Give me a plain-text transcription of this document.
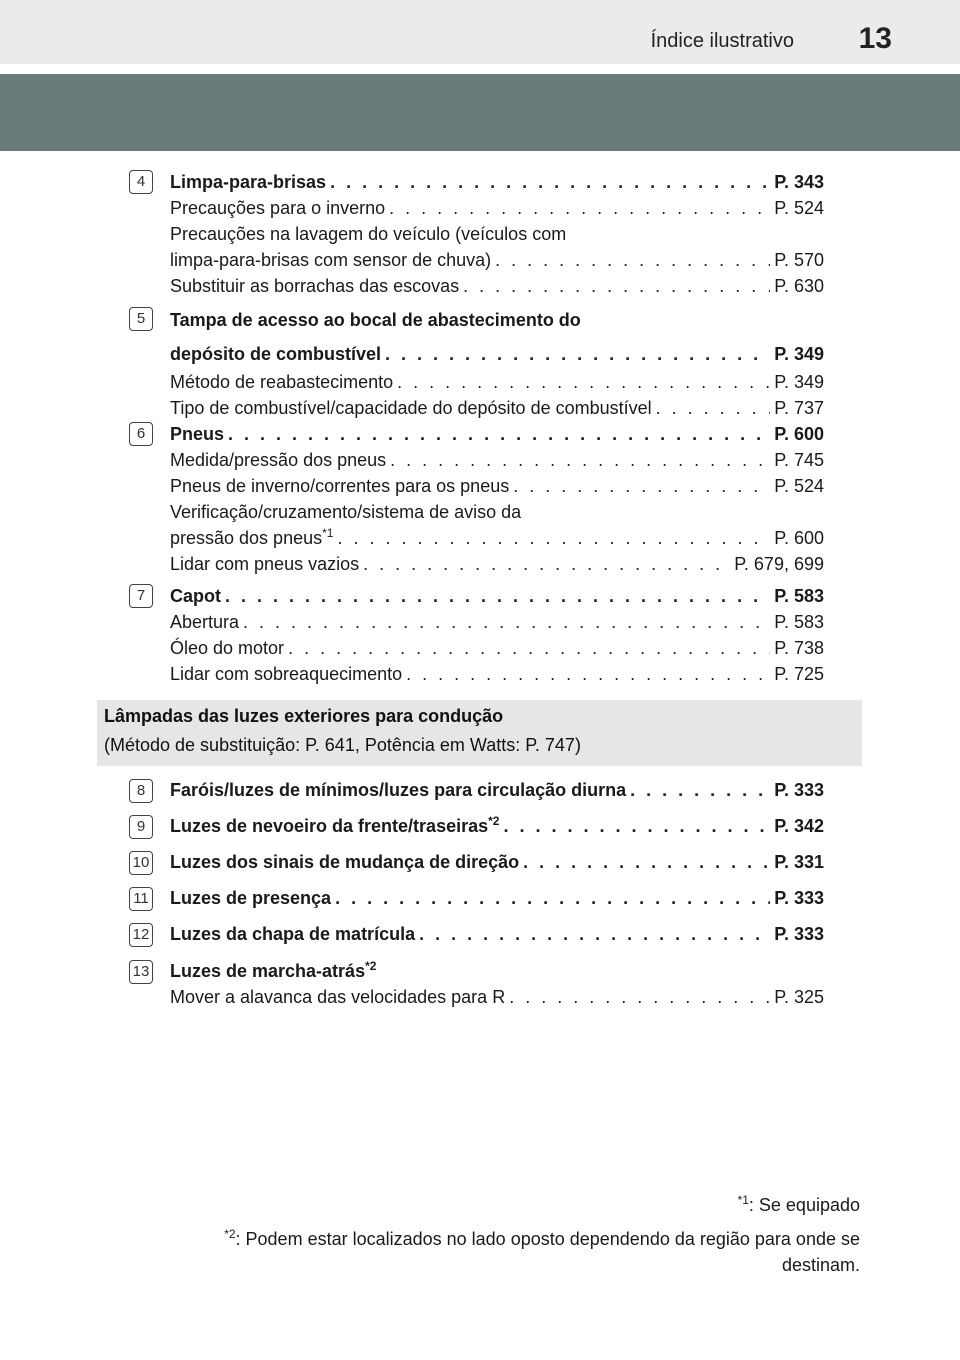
Índice ilustrativo 13
4	Limpa-para-brisas . . .	P. 343
Precauções para o inverno . . .	P. 524
Precauções na lavagem do veículo (veículos com
limpa-para-brisas com sensor de chuva) . . .	P. 570
Substituir as borrachas das escovas . . .	P. 630
5	Tampa de acesso ao bocal de abastecimento do
depósito de combustível . . .	P. 349
Método de reabastecimento . . .	P. 349
Tipo de combustível/capacidade do depósito de combustível . . .	P. 737
6	Pneus . . .	P. 600
Medida/pressão dos pneus . . .	P. 745
Pneus de inverno/correntes para os pneus . . .	P. 524
Verificação/cruzamento/sistema de aviso da
pressão dos pneus$^{*1}$ . . .	P. 600
Lidar com pneus vazios . . .	P. 679, 699
7	Capot . . .	P. 583
Abertura . . .	P. 583
Óleo do motor . . .	P. 738
Lidar com sobreaquecimento . . .	P. 725
Lâmpadas das luzes exteriores para condução
(Método de substituição: P. 641, Potência em Watts: P. 747)
8	Faróis/luzes de mínimos/luzes para circulação diurna . . .	P. 333
9	Luzes de nevoeiro da frente/traseiras$^{*2}$ . . .	P. 342
10 Luzes dos sinais de mudança de direção . . .	P. 331
11 Luzes de presença . . .	P. 333
12 Luzes da chapa de matrícula . . .	P. 333
13 Luzes de marcha-atrás$^{*2}$
Mover a alavanca das velocidades para R . . .	P. 325
$^{*1}$: Se equipado
$^{*2}$: Podem estar localizados no lado oposto dependendo da região para onde se
destinam.
